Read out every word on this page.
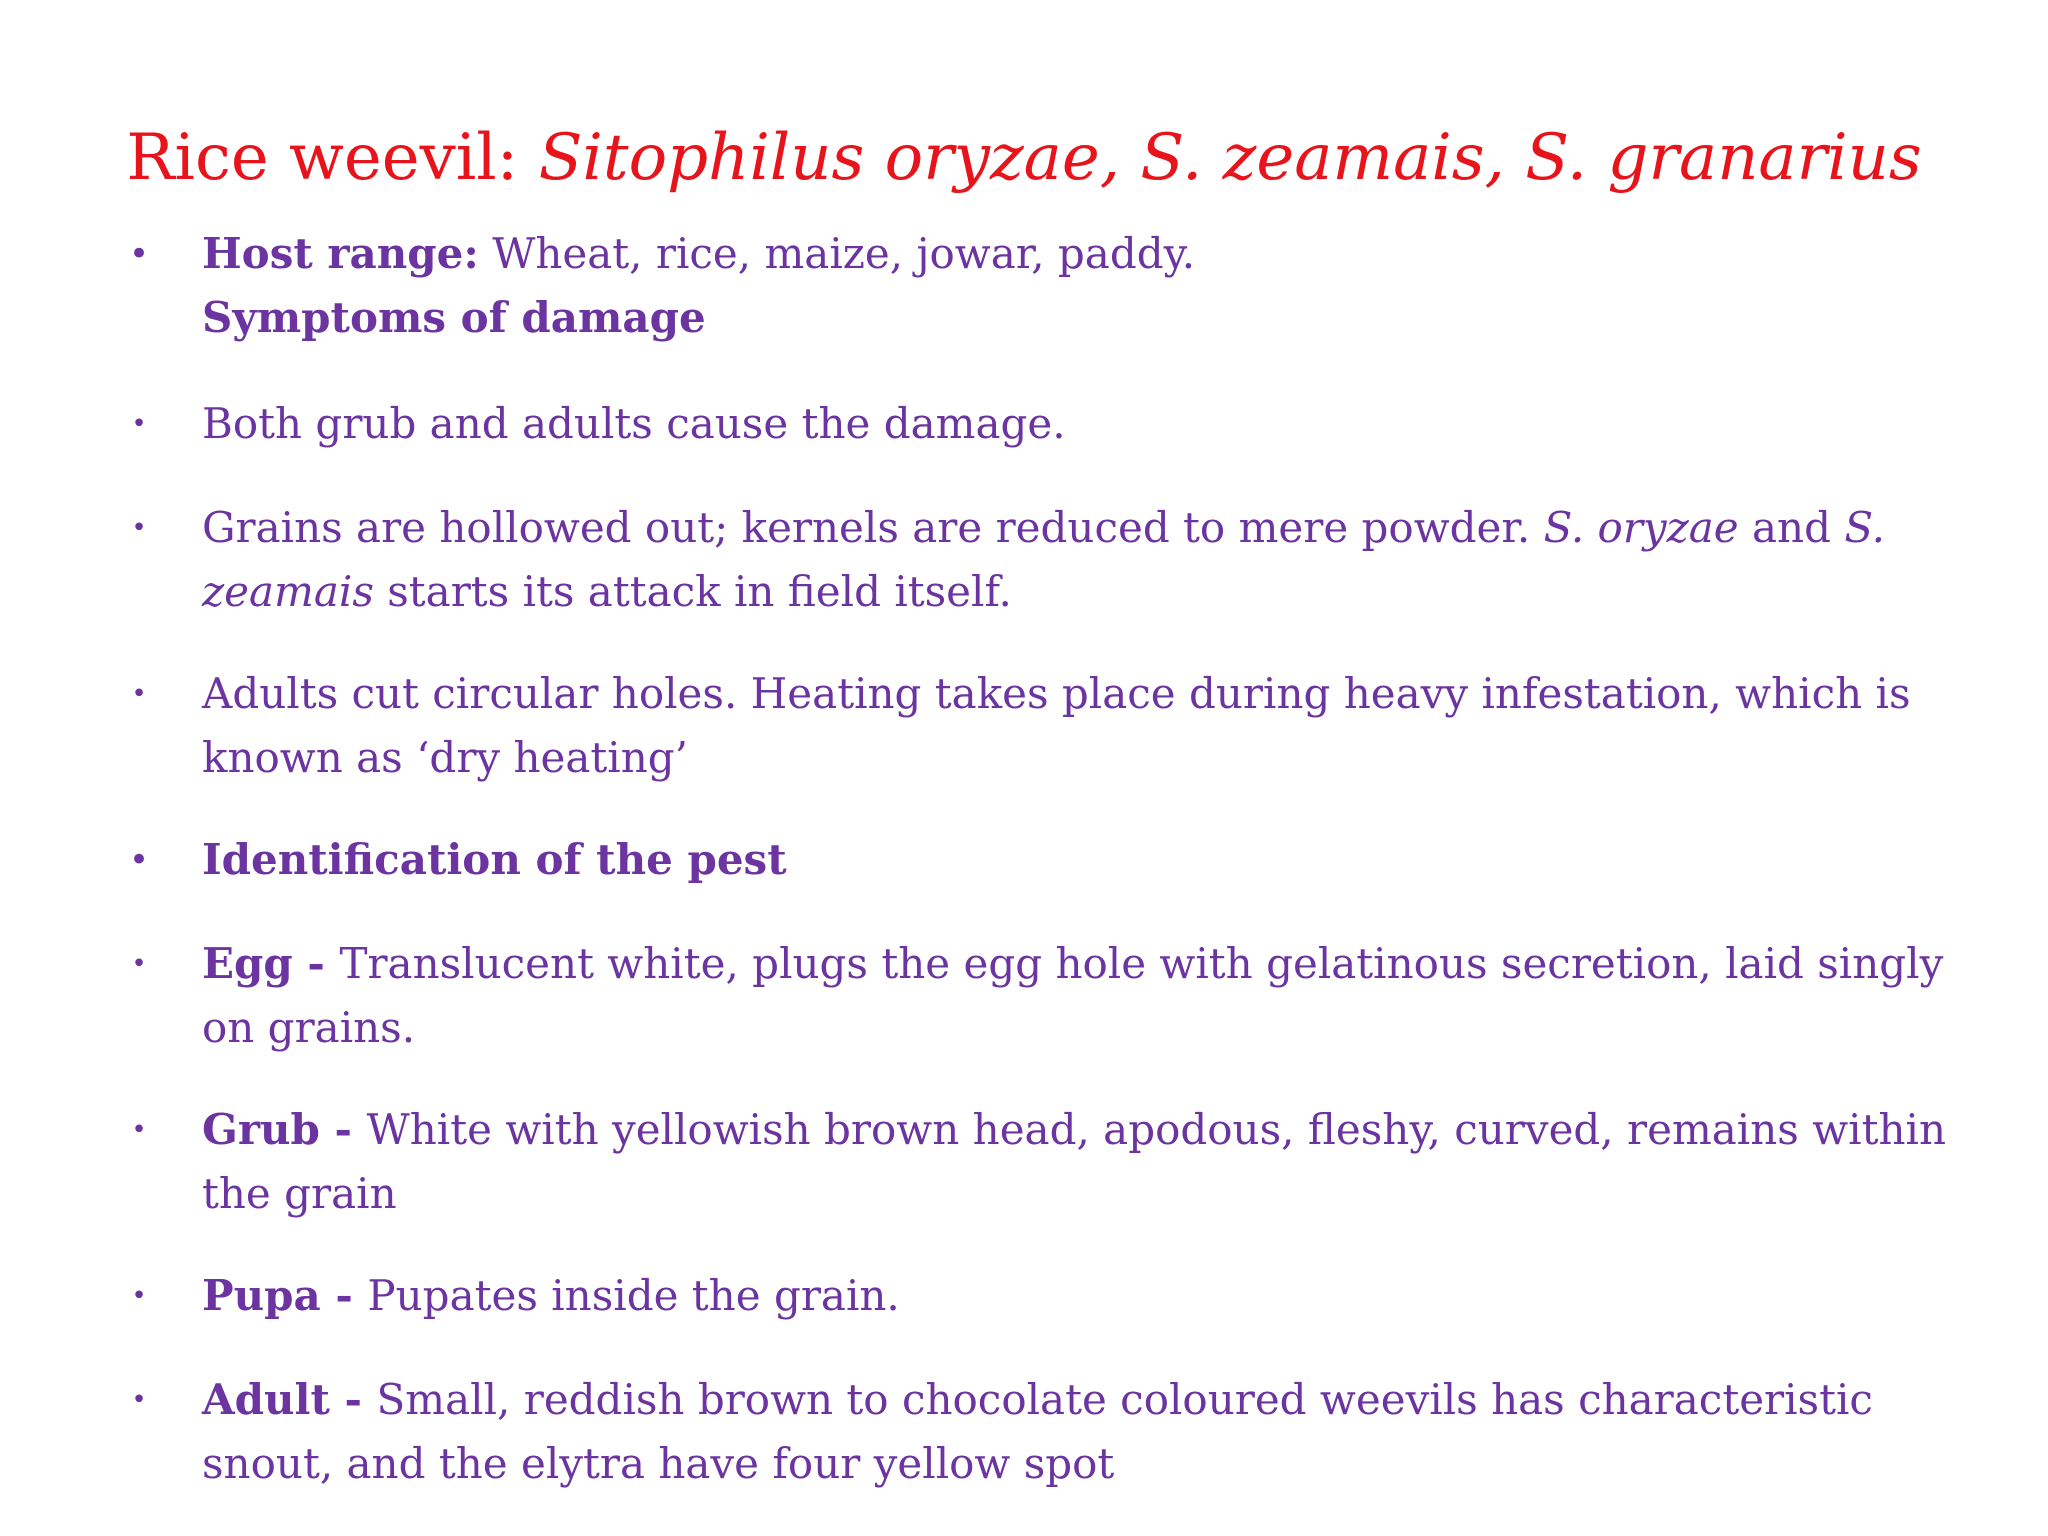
Rice weevil: Sitophilus oryzae, S. zeamais, S. granarius
• Host range: Wheat, rice, maize, jowar, paddy.
Symptoms of damage
• Both grub and adults cause the damage.
• Grains are hollowed out; kernels are reduced to mere powder. S. oryzae and S.
zeamais starts its attack in field itself.
• Adults cut circular holes. Heating takes place during heavy infestation, which is
known as ‘dry heating’
• Identification of the pest
• Egg - Translucent white, plugs the egg hole with gelatinous secretion, laid singly
on grains.
• Grub - White with yellowish brown head, apodous, fleshy, curved, remains within
the grain
• Pupa - Pupates inside the grain.
• Adult - Small, reddish brown to chocolate coloured weevils has characteristic
snout, and the elytra have four yellow spot
